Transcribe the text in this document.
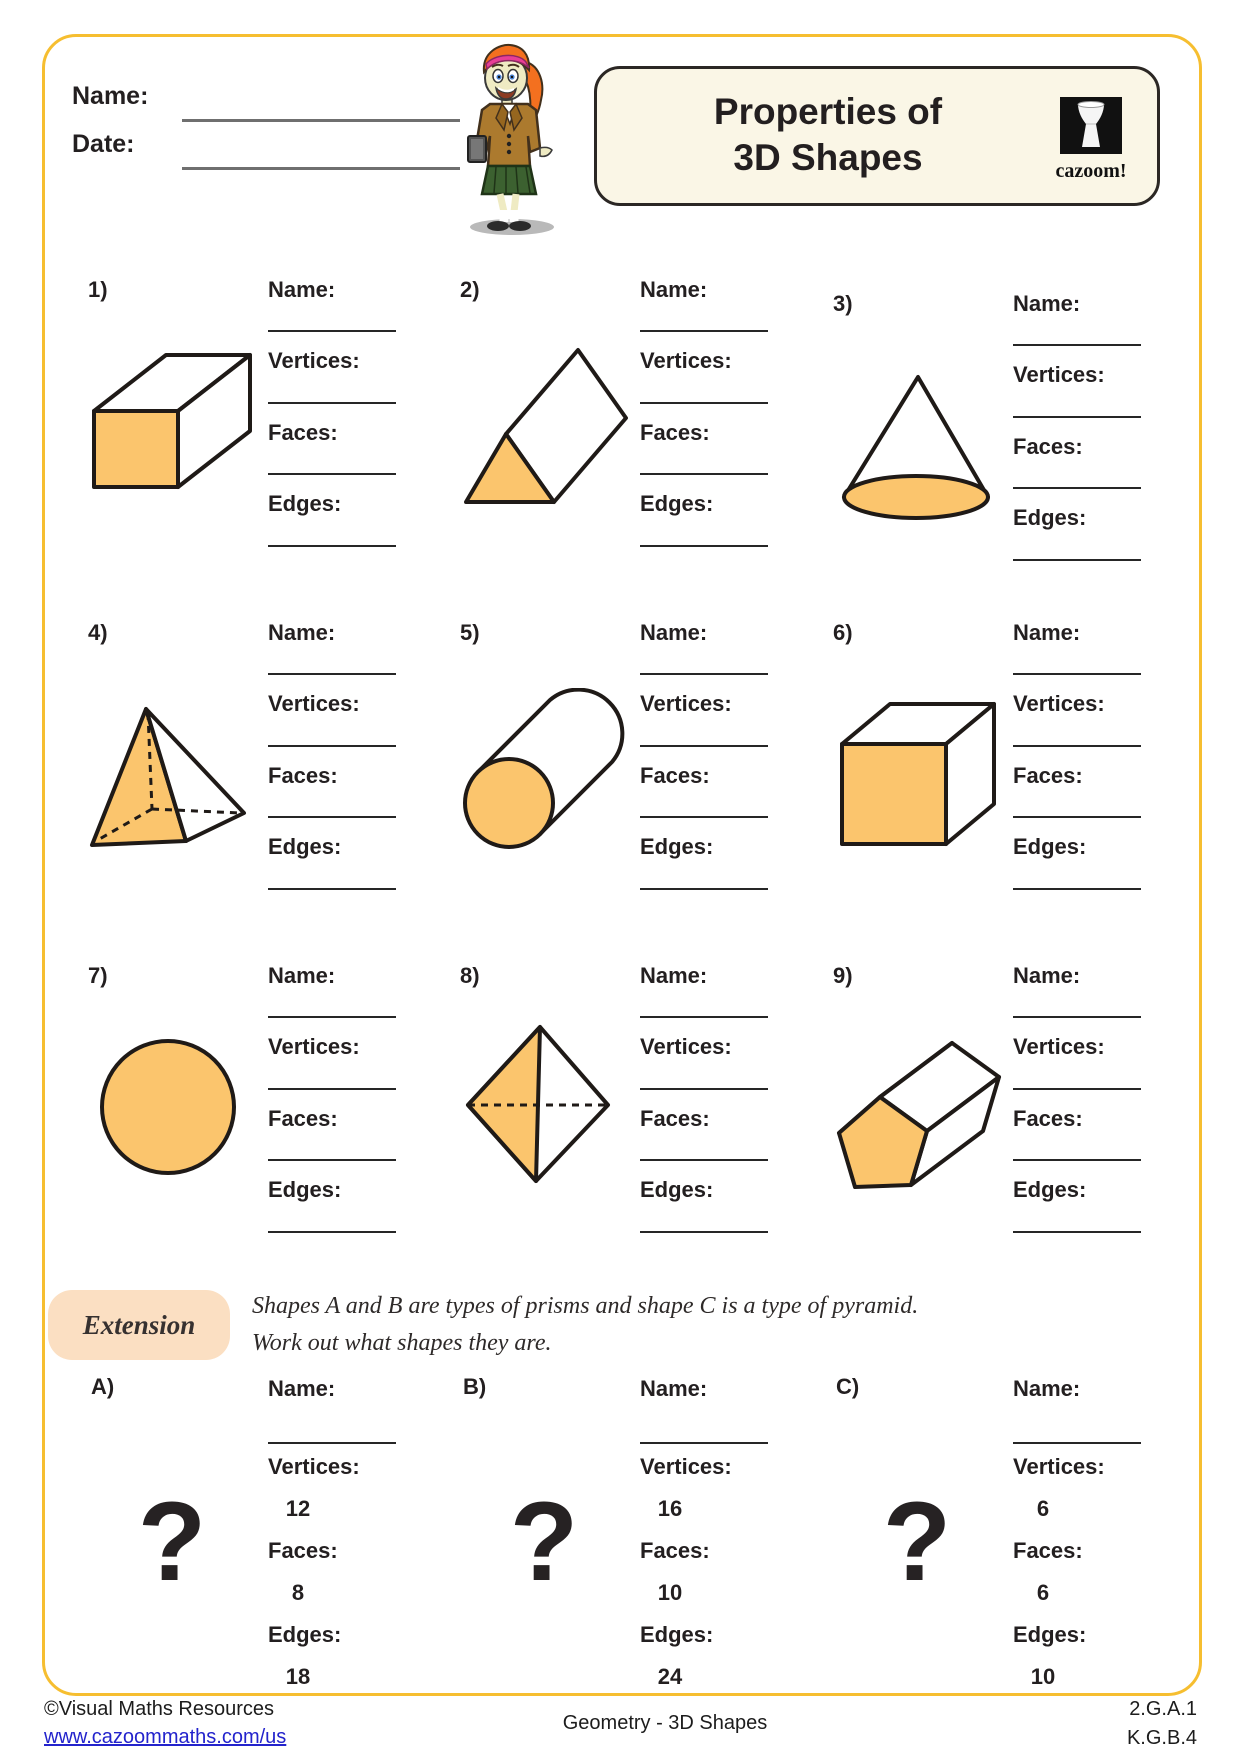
Name:
Date:
Properties of
3D Shapes	cazoom!
1)	Name:
Vertices:
Faces:
Edges:
2)	Name:
Vertices:
Faces:
Edges:
3)	Name:
Vertices:
Faces:
Edges:
4)	Name:
Vertices:
Faces:
Edges:
5)	Name:
Vertices:
Faces:
Edges:
6)	Name:
Vertices:
Faces:
Edges:
7)	Name:
Vertices:
Faces:
Edges:
8)	Name:
Vertices:
Faces:
Edges:
9)	Name:
Vertices:
Faces:
Edges:
Extension
Shapes A and B are types of prisms and shape C is a type of pyramid.
Work out what shapes they are.
A)
?
Name:
Vertices:
12
Faces:
8
Edges:
18
B)
?
Name:
Vertices:
16
Faces:
10
Edges:
24
C)
?
Name:
Vertices:
6
Faces:
6
Edges:
10
©Visual Maths Resources
www.cazoommaths.com/us
Geometry - 3D Shapes
2.G.A.1
K.G.B.4
